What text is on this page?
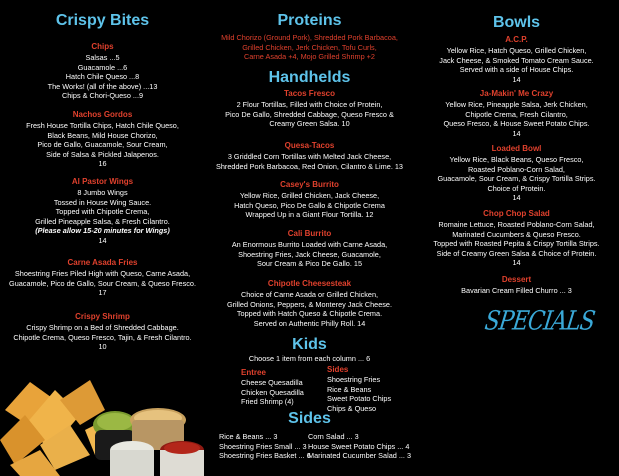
Crispy Bites
Chips
Salsas ...5
Guacamole ...6
Hatch Chile Queso ...8
The Works! (all of the above) ...13
Chips & Chori-Queso ...9
Nachos Gordos
Fresh House Tortilla Chips, Hatch Chile Queso,
Black Beans, Mild House Chorizo,
Pico de Gallo, Guacamole, Sour Cream,
Side of Salsa & Pickled Jalapenos.
16
Al Pastor Wings
8 Jumbo Wings
Tossed in House Wing Sauce.
Topped with Chipotle Crema,
Grilled Pineapple Salsa, & Fresh Cilantro.
(Please allow 15-20 minutes for Wings)
14
Carne Asada Fries
Shoestring Fries Piled High with Queso, Carne Asada,
Guacamole, Pico de Gallo, Sour Cream, & Queso Fresco.
17
Crispy Shrimp
Crispy Shrimp on a Bed of Shredded Cabbage.
Chipotle Crema, Queso Fresco, Tajin, & Fresh Cilantro.
10
Proteins
Mild Chorizo (Ground Pork), Shredded Pork Barbacoa,
Grilled Chicken, Jerk Chicken, Tofu Curls,
Carne Asada +4, Mojo Grilled Shrimp +2
Handhelds
Tacos Fresco
2 Flour Tortillas, Filled with Choice of Protein,
Pico De Gallo, Shredded Cabbage, Queso Fresco &
Creamy Green Salsa. 10
Quesa-Tacos
3 Griddled Corn Tortillas with Melted Jack Cheese,
Shredded Pork Barbacoa, Red Onion, Cilantro & Lime. 13
Casey's Burrito
Yellow Rice, Grilled Chicken, Jack Cheese,
Hatch Queso, Pico De Gallo & Chipotle Crema
Wrapped Up in a Giant Flour Tortilla. 12
Cali Burrito
An Enormous Burrito Loaded with Carne Asada,
Shoestring Fries, Jack Cheese, Guacamole,
Sour Cream & Pico De Gallo. 15
Chipotle Cheesesteak
Choice of Carne Asada or Grilled Chicken,
Grilled Onions, Peppers, & Monterey Jack Cheese.
Topped with Hatch Queso & Chipotle Crema.
Served on Authentic Philly Roll. 14
Kids
Choose 1 item from each column ... 6
Entree
Cheese Quesadilla
Chicken Quesadilla
Fried Shrimp (4)
Sides
Shoestring Fries
Rice & Beans
Sweet Potato Chips
Chips & Queso
Sides
Rice & Beans ... 3
Shoestring Fries Small ... 3
Shoestring Fries Basket ... 6
Corn Salad ... 3
House Sweet Potato Chips ... 4
Marinated Cucumber Salad ... 3
Bowls
A.C.P.
Yellow Rice, Hatch Queso, Grilled Chicken,
Jack Cheese, & Smoked Tomato Cream Sauce.
Served with a side of House Chips.
14
Ja-Makin' Me Crazy
Yellow Rice, Pineapple Salsa, Jerk Chicken,
Chipotle Crema, Fresh Cilantro,
Queso Fresco, & House Sweet Potato Chips.
14
Loaded Bowl
Yellow Rice, Black Beans, Queso Fresco,
Roasted Poblano-Corn Salad,
Guacamole, Sour Cream, & Crispy Tortilla Strips.
Choice of Protein.
14
Chop Chop Salad
Romaine Lettuce, Roasted Poblano-Corn Salad,
Marinated Cucumbers & Queso Fresco.
Topped with Roasted Pepita & Crispy Tortilla Strips.
Side of Creamy Green Salsa & Choice of Protein.
14
Dessert
Bavarian Cream Filled Churro ... 3
SPECIALS
